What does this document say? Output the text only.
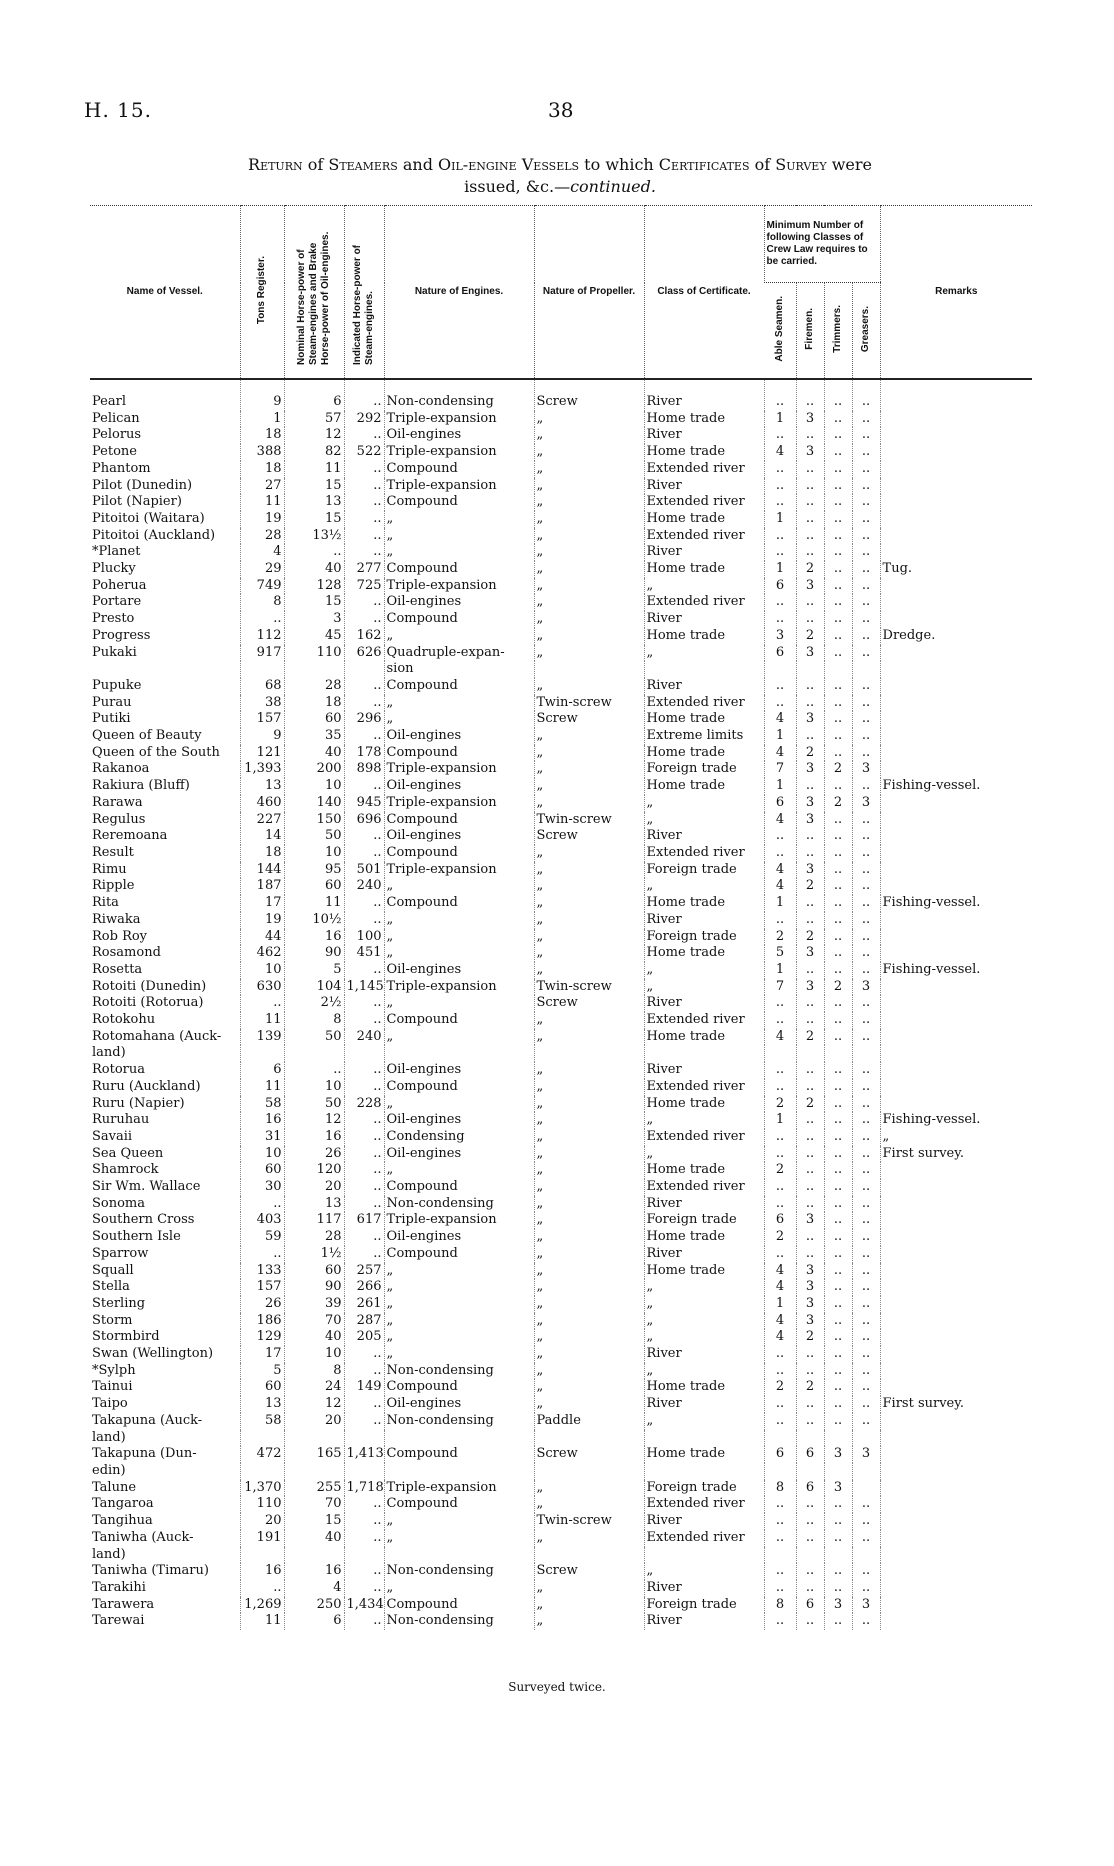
H. 15.	38
Return of Steamers and Oil-engine Vessels to which Certificates of Survey were
issued, &c.—continued.
Name of Vessel.	Tons Register.	Nominal Horse-power of Steam-engines and Brake Horse-power of Oil-engines.	Indicated Horse-power of Steam-engines.	Nature of Engines.	Nature of Propeller.	Class of Certificate.	Minimum Number of following Classes of Crew Law requires to be carried.				Remarks
							Able Seamen.	Firemen.	Trimmers.	Greasers.	
Pearl	9	6	..	Non-condensing	Screw	River	..	..	..	..	
Pelican	1	57	292	Triple-expansion	„	Home trade	1	3	..	..	
Pelorus	18	12	..	Oil-engines	„	River	..	..	..	..	
Petone	388	82	522	Triple-expansion	„	Home trade	4	3	..	..	
Phantom	18	11	..	Compound	„	Extended river	..	..	..	..	
Pilot (Dunedin)	27	15	..	Triple-expansion	„	River	..	..	..	..	
Pilot (Napier)	11	13	..	Compound	„	Extended river	..	..	..	..	
Pitoitoi (Waitara)	19	15	..	„	„	Home trade	1	..	..	..	
Pitoitoi (Auckland)	28	13½	..	„	„	Extended river	..	..	..	..	
*Planet	4	..	..	„	„	River	..	..	..	..	
Plucky	29	40	277	Compound	„	Home trade	1	2	..	..	Tug.
Poherua	749	128	725	Triple-expansion	„	„	6	3	..	..	
Portare	8	15	..	Oil-engines	„	Extended river	..	..	..	..	
Presto	..	3	..	Compound	„	River	..	..	..	..	
Progress	112	45	162	„	„	Home trade	3	2	..	..	Dredge.
Pukaki	917	110	626	Quadruple-expan-	„	„	6	3	..	..	
				sion							
Pupuke	68	28	..	Compound	„	River	..	..	..	..	
Purau	38	18	..	„	Twin-screw	Extended river	..	..	..	..	
Putiki	157	60	296	„	Screw	Home trade	4	3	..	..	
Queen of Beauty	9	35	..	Oil-engines	„	Extreme limits	1	..	..	..	
Queen of the South	121	40	178	Compound	„	Home trade	4	2	..	..	
Rakanoa	1,393	200	898	Triple-expansion	„	Foreign trade	7	3	2	3	
Rakiura (Bluff)	13	10	..	Oil-engines	„	Home trade	1	..	..	..	Fishing-vessel.
Rarawa	460	140	945	Triple-expansion	„	„	6	3	2	3	
Regulus	227	150	696	Compound	Twin-screw	„	4	3	..	..	
Reremoana	14	50	..	Oil-engines	Screw	River	..	..	..	..	
Result	18	10	..	Compound	„	Extended river	..	..	..	..	
Rimu	144	95	501	Triple-expansion	„	Foreign trade	4	3	..	..	
Ripple	187	60	240	„	„	„	4	2	..	..	
Rita	17	11	..	Compound	„	Home trade	1	..	..	..	Fishing-vessel.
Riwaka	19	10½	..	„	„	River	..	..	..	..	
Rob Roy	44	16	100	„	„	Foreign trade	2	2	..	..	
Rosamond	462	90	451	„	„	Home trade	5	3	..	..	
Rosetta	10	5	..	Oil-engines	„	„	1	..	..	..	Fishing-vessel.
Rotoiti (Dunedin)	630	104	1,145	Triple-expansion	Twin-screw	„	7	3	2	3	
Rotoiti (Rotorua)	..	2½	..	„	Screw	River	..	..	..	..	
Rotokohu	11	8	..	Compound	„	Extended river	..	..	..	..	
Rotomahana (Auck-	139	50	240	„	„	Home trade	4	2	..	..	
land)											
Rotorua	6	..	..	Oil-engines	„	River	..	..	..	..	
Ruru (Auckland)	11	10	..	Compound	„	Extended river	..	..	..	..	
Ruru (Napier)	58	50	228	„	„	Home trade	2	2	..	..	
Ruruhau	16	12	..	Oil-engines	„	„	1	..	..	..	Fishing-vessel.
Savaii	31	16	..	Condensing	„	Extended river	..	..	..	..	„
Sea Queen	10	26	..	Oil-engines	„	„	..	..	..	..	First survey.
Shamrock	60	120	..	„	„	Home trade	2	..	..	..	
Sir Wm. Wallace	30	20	..	Compound	„	Extended river	..	..	..	..	
Sonoma	..	13	..	Non-condensing	„	River	..	..	..	..	
Southern Cross	403	117	617	Triple-expansion	„	Foreign trade	6	3	..	..	
Southern Isle	59	28	..	Oil-engines	„	Home trade	2	..	..	..	
Sparrow	..	1½	..	Compound	„	River	..	..	..	..	
Squall	133	60	257	„	„	Home trade	4	3	..	..	
Stella	157	90	266	„	„	„	4	3	..	..	
Sterling	26	39	261	„	„	„	1	3	..	..	
Storm	186	70	287	„	„	„	4	3	..	..	
Stormbird	129	40	205	„	„	„	4	2	..	..	
Swan (Wellington)	17	10	..	„	„	River	..	..	..	..	
*Sylph	5	8	..	Non-condensing	„	„	..	..	..	..	
Tainui	60	24	149	Compound	„	Home trade	2	2	..	..	
Taipo	13	12	..	Oil-engines	„	River	..	..	..	..	First survey.
Takapuna (Auck-	58	20	..	Non-condensing	Paddle	„	..	..	..	..	
land)											
Takapuna (Dun-	472	165	1,413	Compound	Screw	Home trade	6	6	3	3	
edin)											
Talune	1,370	255	1,718	Triple-expansion	„	Foreign trade	8	6	3		
Tangaroa	110	70	..	Compound	„	Extended river	..	..	..	..	
Tangihua	20	15	..	„	Twin-screw	River	..	..	..	..	
Taniwha (Auck-	191	40	..	„	„	Extended river	..	..	..	..	
land)											
Taniwha (Timaru)	16	16	..	Non-condensing	Screw	„	..	..	..	..	
Tarakihi	..	4	..	„	„	River	..	..	..	..	
Tarawera	1,269	250	1,434	Compound	„	Foreign trade	8	6	3	3	
Tarewai	11	6	..	Non-condensing	„	River	..	..	..	..	
Surveyed twice.
